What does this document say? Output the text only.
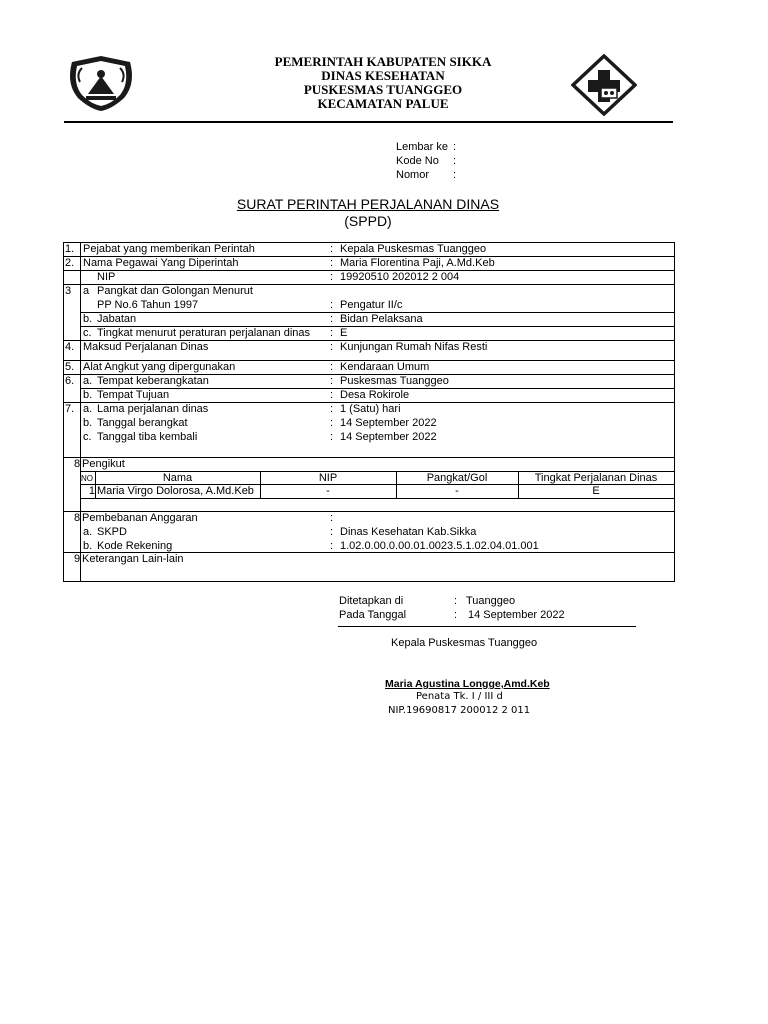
PEMERINTAH KABUPATEN SIKKA
DINAS KESEHATAN
PUSKESMAS TUANGGEO
KECAMATAN PALUE
Lembar ke :
Kode No :
Nomor :
SURAT PERINTAH PERJALANAN DINAS
(SPPD)
1. Pejabat yang memberikan Perintah	: Kepala Puskesmas Tuanggeo
2. Nama Pegawai Yang Diperintah	: Maria Florentina Paji, A.Md.Keb
NIP	: 19920510 202012 2 004
3 a Pangkat dan Golongan Menurut
PP No.6 Tahun 1997	: Pengatur II/c
b. Jabatan	: Bidan Pelaksana
c. Tingkat menurut peraturan perjalanan dinas : E
4. Maksud Perjalanan Dinas	: Kunjungan Rumah Nifas Resti
5. Alat Angkut yang dipergunakan	: Kendaraan Umum
6. a. Tempat keberangkatan	: Puskesmas Tuanggeo
b. Tempat Tujuan	: Desa Rokirole
7. a. Lama perjalanan dinas	: 1 (Satu) hari
b. Tanggal berangkat	: 14 September 2022
c. Tanggal tiba kembali	: 14 September 2022
8 Pengikut
NO	Nama	NIP	Pangkat/Gol	Tingkat Perjalanan Dinas
1 Maria Virgo Dolorosa, A.Md.Keb	-	-	E
8 Pembebanan Anggaran	:
a. SKPD	: Dinas Kesehatan Kab.Sikka
b. Kode Rekening	: 1.02.0.00.0.00.01.0023.5.1.02.04.01.001
9 Keterangan Lain-lain
Ditetapkan di	: Tuanggeo
Pada Tanggal	: 14 September 2022
Kepala Puskesmas Tuanggeo
Maria Agustina Longge,Amd.Keb
Penata Tk. I / III d
NIP.19690817 200012 2 011
